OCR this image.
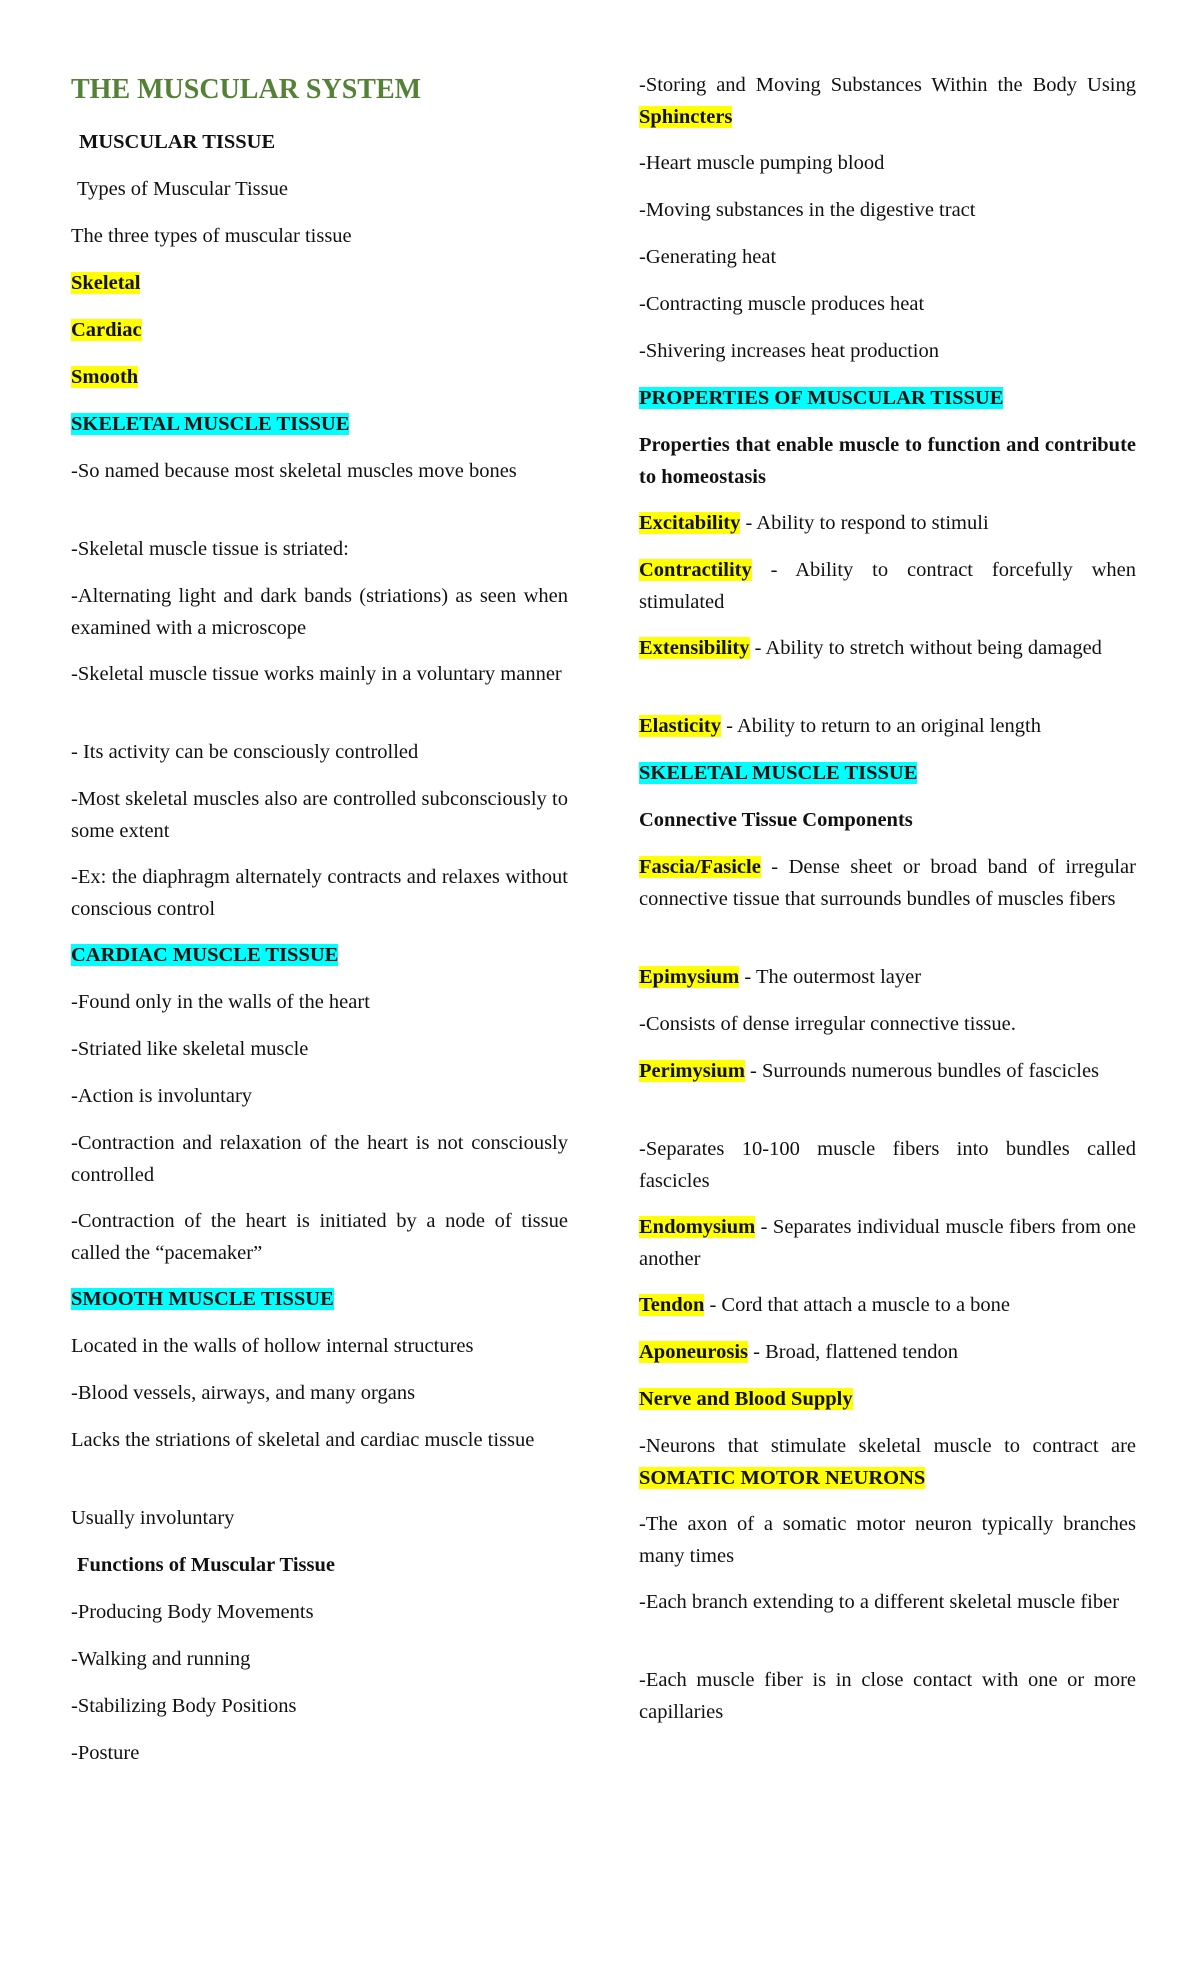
THE MUSCULAR SYSTEM

MUSCULAR TISSUE

Types of Muscular Tissue

The three types of muscular tissue

Skeletal

Cardiac

Smooth

SKELETAL MUSCLE TISSUE

-So named because most skeletal muscles move bones

-Skeletal muscle tissue is striated:

-Alternating light and dark bands (striations) as seen when examined with a microscope

-Skeletal muscle tissue works mainly in a voluntary manner

- Its activity can be consciously controlled

-Most skeletal muscles also are controlled subconsciously to some extent

-Ex: the diaphragm alternately contracts and relaxes without conscious control

CARDIAC MUSCLE TISSUE

-Found only in the walls of the heart

-Striated like skeletal muscle

-Action is involuntary

-Contraction and relaxation of the heart is not consciously controlled

-Contraction of the heart is initiated by a node of tissue called the “pacemaker”

SMOOTH MUSCLE TISSUE

Located in the walls of hollow internal structures

-Blood vessels, airways, and many organs

Lacks the striations of skeletal and cardiac muscle tissue

Usually involuntary

Functions of Muscular Tissue

-Producing Body Movements

-Walking and running

-Stabilizing Body Positions

-Posture

-Storing and Moving Substances Within the Body Using Sphincters

-Heart muscle pumping blood

-Moving substances in the digestive tract

-Generating heat

-Contracting muscle produces heat

-Shivering increases heat production

PROPERTIES OF MUSCULAR TISSUE

Properties that enable muscle to function and contribute to homeostasis

Excitability - Ability to respond to stimuli

Contractility - Ability to contract forcefully when stimulated

Extensibility - Ability to stretch without being damaged

Elasticity - Ability to return to an original length

SKELETAL MUSCLE TISSUE

Connective Tissue Components

Fascia/Fasicle - Dense sheet or broad band of irregular connective tissue that surrounds bundles of muscles fibers

Epimysium - The outermost layer

-Consists of dense irregular connective tissue.

Perimysium - Surrounds numerous bundles of fascicles

-Separates 10-100 muscle fibers into bundles called fascicles

Endomysium - Separates individual muscle fibers from one another

Tendon - Cord that attach a muscle to a bone

Aponeurosis - Broad, flattened tendon

Nerve and Blood Supply

-Neurons that stimulate skeletal muscle to contract are SOMATIC MOTOR NEURONS

-The axon of a somatic motor neuron typically branches many times

-Each branch extending to a different skeletal muscle fiber

-Each muscle fiber is in close contact with one or more capillaries
